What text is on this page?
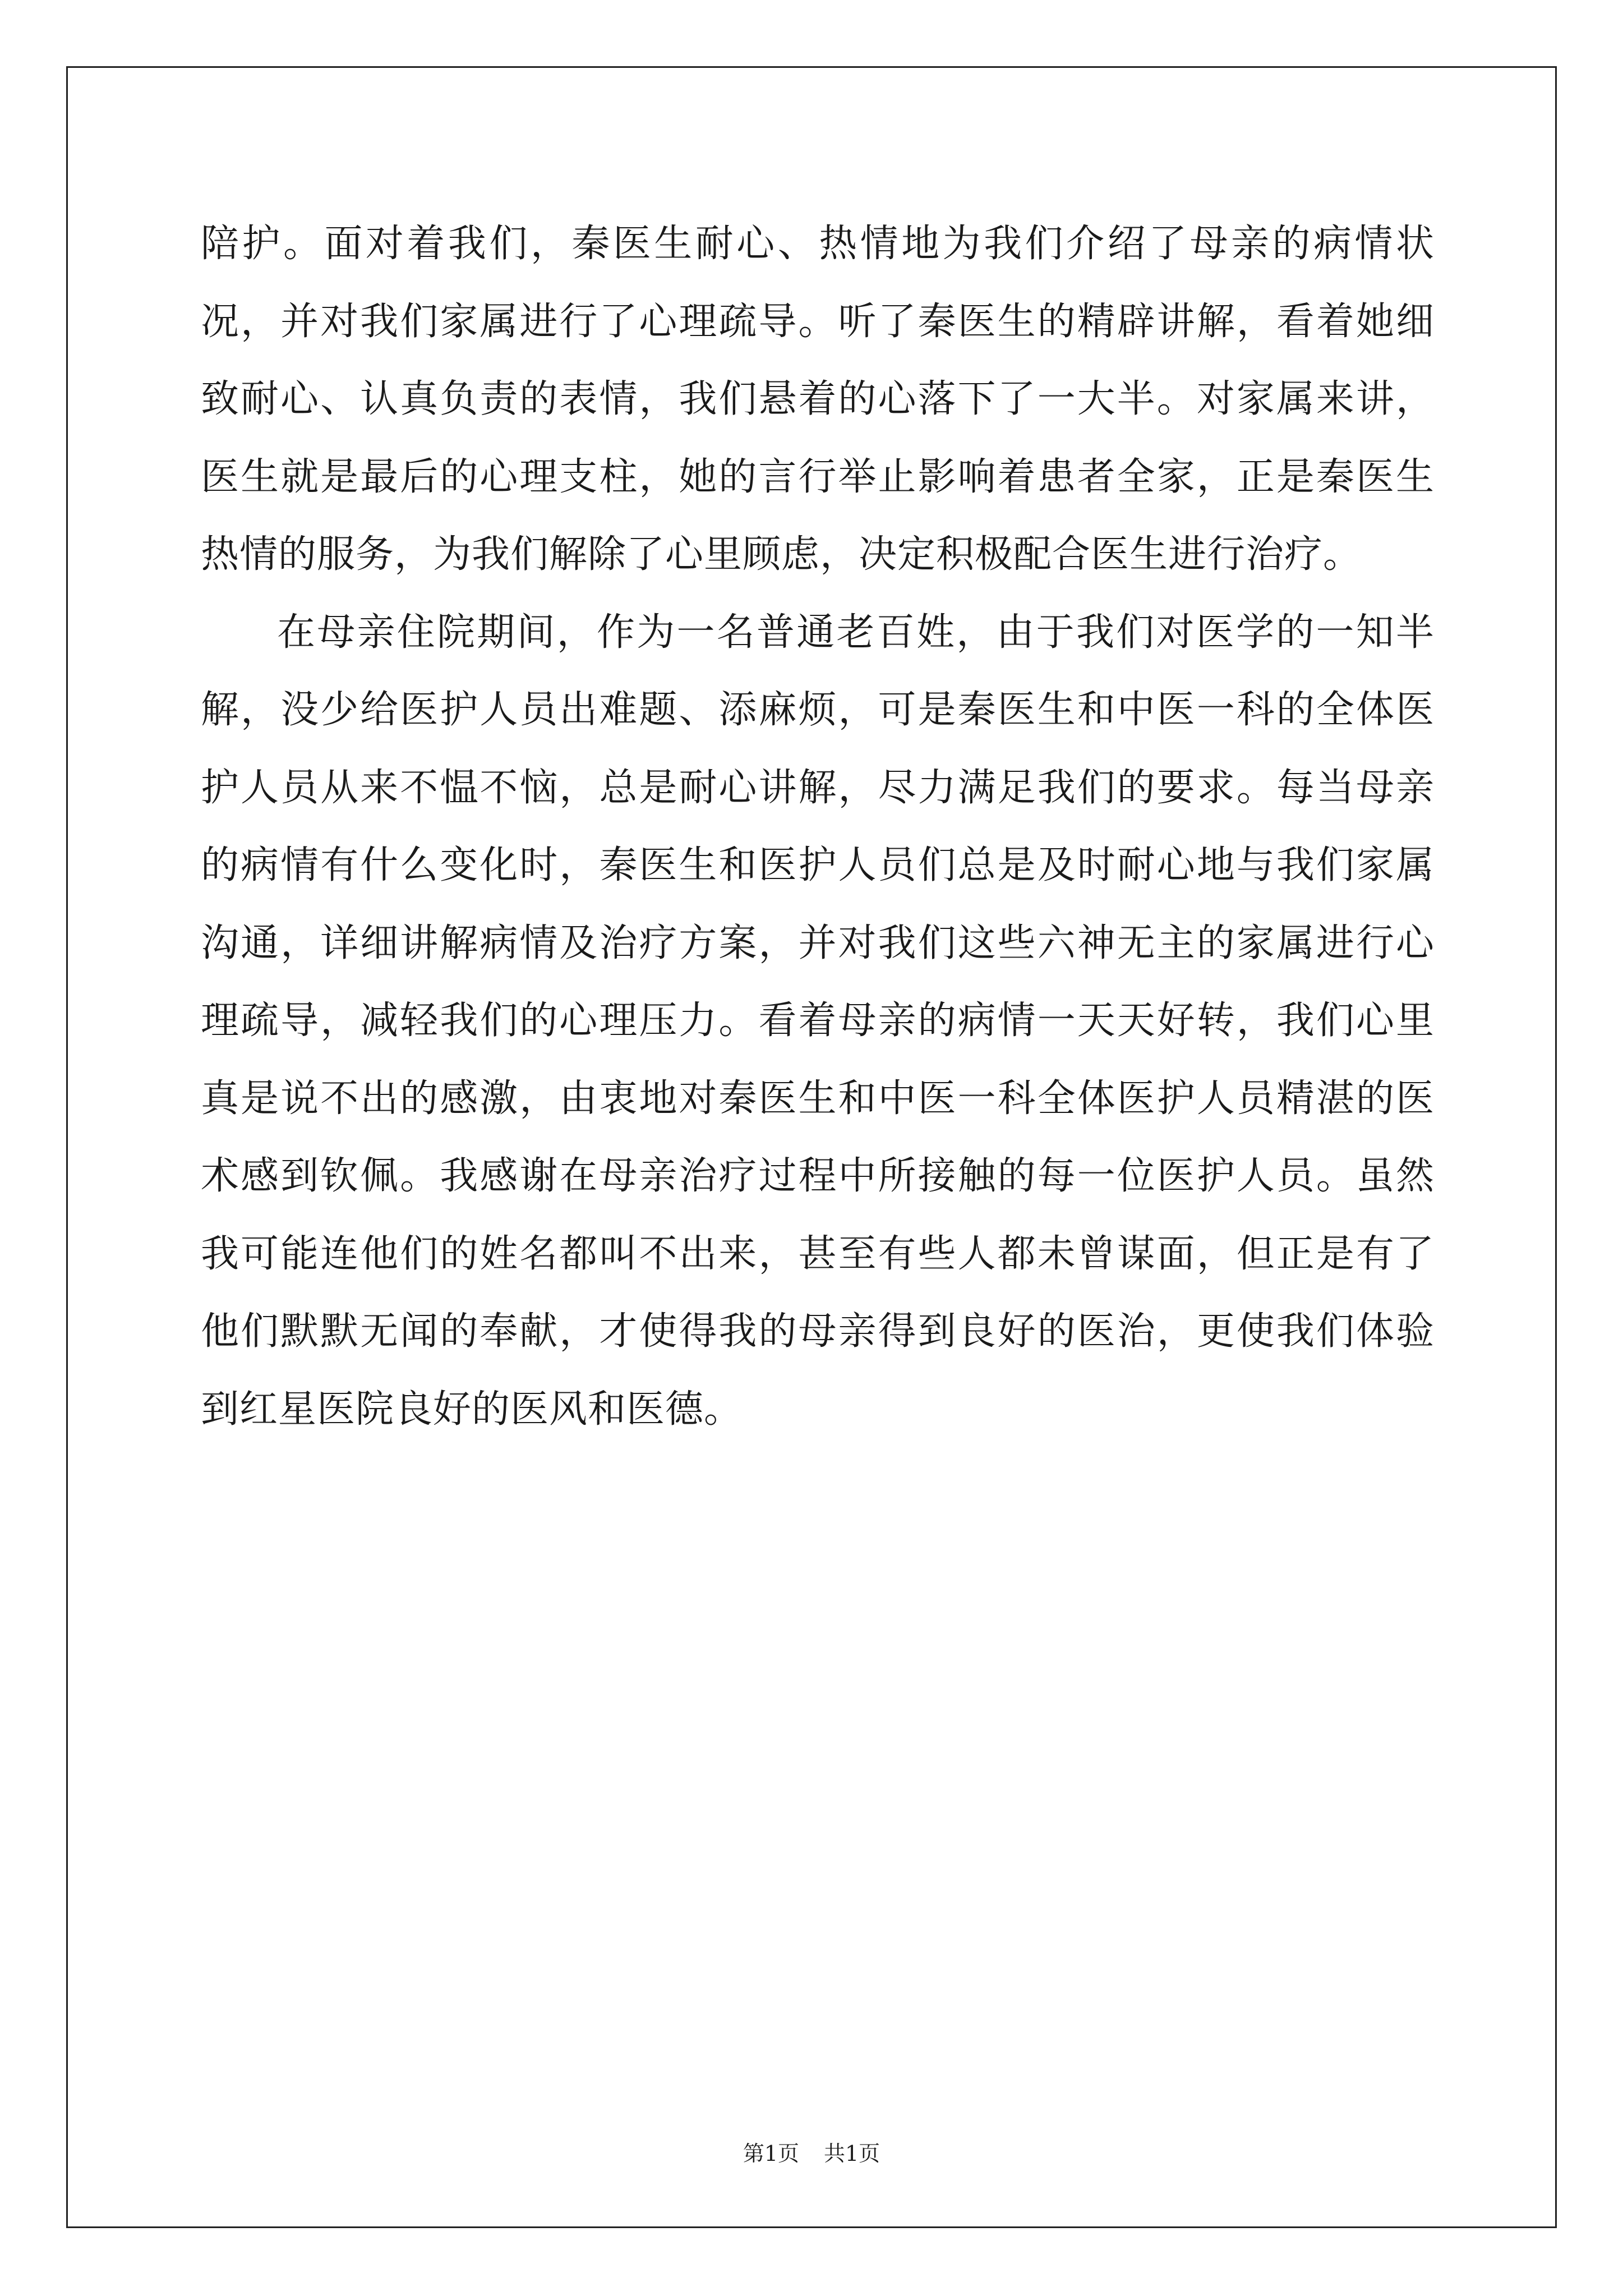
陪护。面对着我们，秦医生耐心、热情地为我们介绍了母亲的病情状况，并对我们家属进行了心理疏导。听了秦医生的精辟讲解，看着她细致耐心、认真负责的表情，我们悬着的心落下了一大半。对家属来讲，医生就是最后的心理支柱，她的言行举止影响着患者全家，正是秦医生热情的服务，为我们解除了心里顾虑，决定积极配合医生进行治疗。

在母亲住院期间，作为一名普通老百姓，由于我们对医学的一知半解，没少给医护人员出难题、添麻烦，可是秦医生和中医一科的全体医护人员从来不愠不恼，总是耐心讲解，尽力满足我们的要求。每当母亲的病情有什么变化时，秦医生和医护人员们总是及时耐心地与我们家属沟通，详细讲解病情及治疗方案，并对我们这些六神无主的家属进行心理疏导，减轻我们的心理压力。看着母亲的病情一天天好转，我们心里真是说不出的感激，由衷地对秦医生和中医一科全体医护人员精湛的医术感到钦佩。我感谢在母亲治疗过程中所接触的每一位医护人员。虽然我可能连他们的姓名都叫不出来，甚至有些人都未曾谋面，但正是有了他们默默无闻的奉献，才使得我的母亲得到良好的医治，更使我们体验到红星医院良好的医风和医德。

第1页 共1页
